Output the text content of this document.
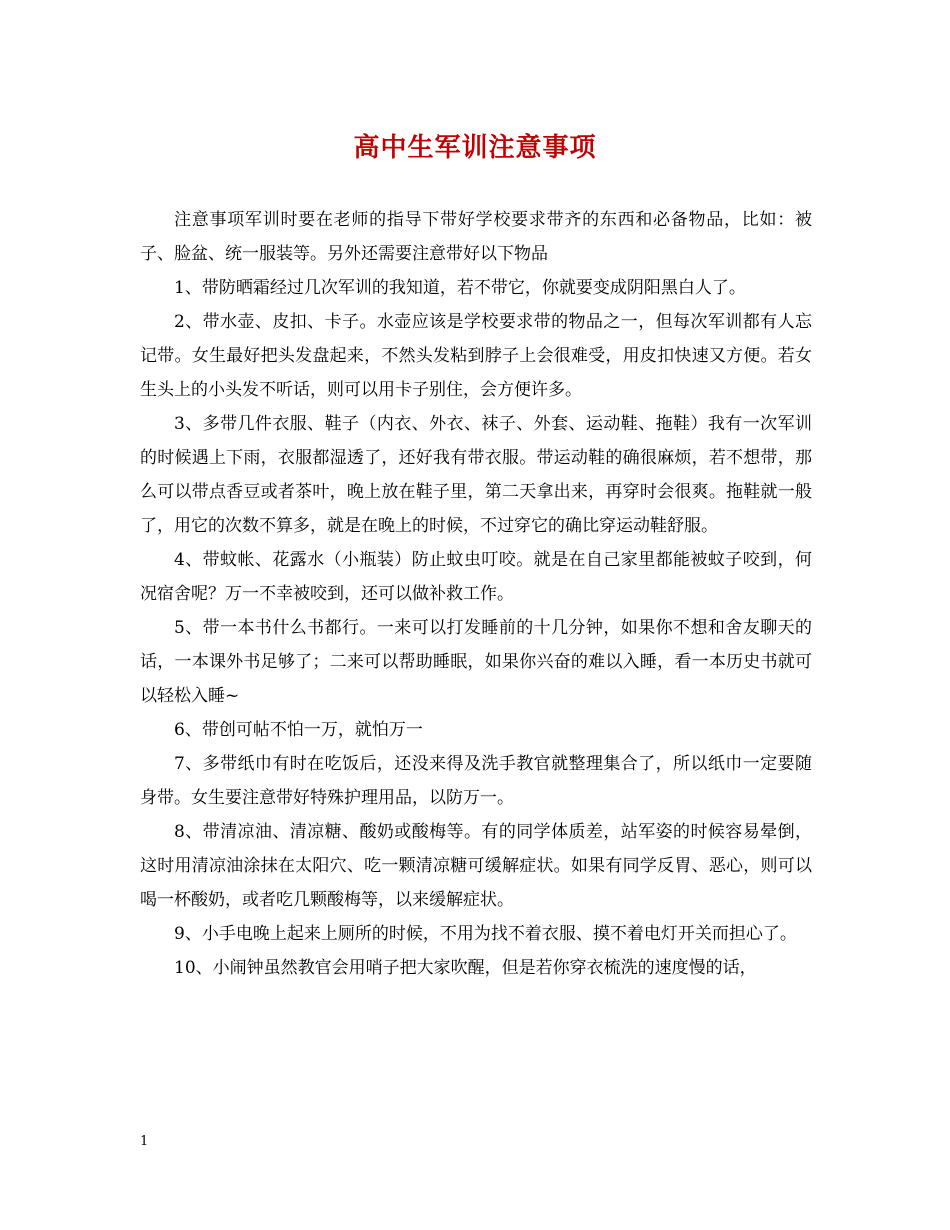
高中生军训注意事项

注意事项军训时要在老师的指导下带好学校要求带齐的东西和必备物品，比如：被子、脸盆、统一服装等。另外还需要注意带好以下物品

1、带防晒霜经过几次军训的我知道，若不带它，你就要变成阴阳黑白人了。

2、带水壶、皮扣、卡子。水壶应该是学校要求带的物品之一，但每次军训都有人忘记带。女生最好把头发盘起来，不然头发粘到脖子上会很难受，用皮扣快速又方便。若女生头上的小头发不听话，则可以用卡子别住，会方便许多。

3、多带几件衣服、鞋子（内衣、外衣、袜子、外套、运动鞋、拖鞋）我有一次军训的时候遇上下雨，衣服都湿透了，还好我有带衣服。带运动鞋的确很麻烦，若不想带，那么可以带点香豆或者茶叶，晚上放在鞋子里，第二天拿出来，再穿时会很爽。拖鞋就一般了，用它的次数不算多，就是在晚上的时候，不过穿它的确比穿运动鞋舒服。

4、带蚊帐、花露水（小瓶装）防止蚊虫叮咬。就是在自己家里都能被蚊子咬到，何况宿舍呢？万一不幸被咬到，还可以做补救工作。

5、带一本书什么书都行。一来可以打发睡前的十几分钟，如果你不想和舍友聊天的话，一本课外书足够了；二来可以帮助睡眠，如果你兴奋的难以入睡，看一本历史书就可以轻松入睡~

6、带创可帖不怕一万，就怕万一

7、多带纸巾有时在吃饭后，还没来得及洗手教官就整理集合了，所以纸巾一定要随身带。女生要注意带好特殊护理用品，以防万一。

8、带清凉油、清凉糖、酸奶或酸梅等。有的同学体质差，站军姿的时候容易晕倒，这时用清凉油涂抹在太阳穴、吃一颗清凉糖可缓解症状。如果有同学反胃、恶心，则可以喝一杯酸奶，或者吃几颗酸梅等，以来缓解症状。

9、小手电晚上起来上厕所的时候，不用为找不着衣服、摸不着电灯开关而担心了。

10、小闹钟虽然教官会用哨子把大家吹醒，但是若你穿衣梳洗的速度慢的话，

1
